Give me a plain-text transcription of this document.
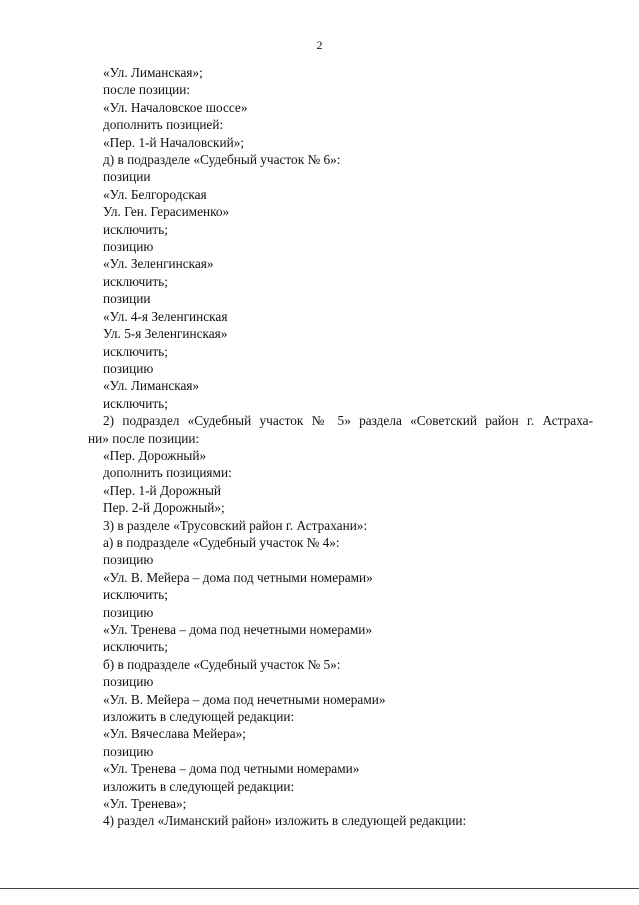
2
«Ул. Лиманская»;
после позиции:
«Ул. Началовское шоссе»
дополнить позицией:
«Пер. 1-й Началовский»;
д) в подразделе «Судебный участок № 6»:
позиции
«Ул. Белгородская
Ул. Ген. Герасименко»
исключить;
позицию
«Ул. Зеленгинская»
исключить;
позиции
«Ул. 4-я Зеленгинская
Ул. 5-я Зеленгинская»
исключить;
позицию
«Ул. Лиманская»
исключить;
2) подраздел «Судебный участок № 5» раздела «Советский район г. Астраха-
ни» после позиции:
«Пер. Дорожный»
дополнить позициями:
«Пер. 1-й Дорожный
Пер. 2-й Дорожный»;
3) в разделе «Трусовский район г. Астрахани»:
а) в подразделе «Судебный участок № 4»:
позицию
«Ул. В. Мейера – дома под четными номерами»
исключить;
позицию
«Ул. Тренева – дома под нечетными номерами»
исключить;
б) в подразделе «Судебный участок № 5»:
позицию
«Ул. В. Мейера – дома под нечетными номерами»
изложить в следующей редакции:
«Ул. Вячеслава Мейера»;
позицию
«Ул. Тренева – дома под четными номерами»
изложить в следующей редакции:
«Ул. Тренева»;
4) раздел «Лиманский район» изложить в следующей редакции:
